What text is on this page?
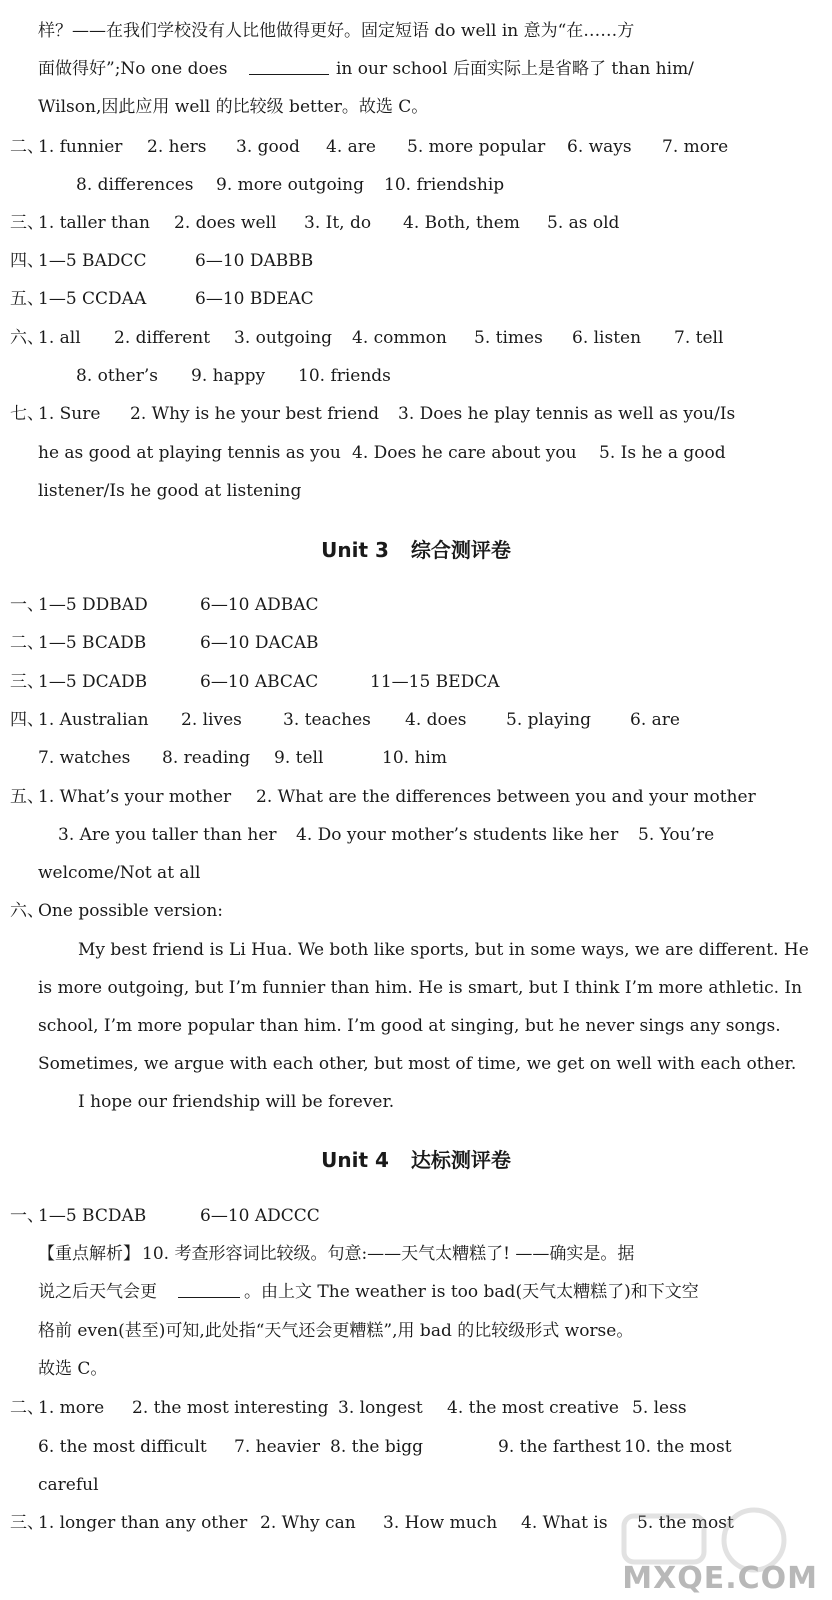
样？——在我们学校没有人比他做得更好。固定短语 do well in 意为“在……方
面做得好”;No one does	in our school 后面实际上是省略了 than him/
Wilson,因此应用 well 的比较级 better。故选 C。
二、
1. funnier 2. hers 3. good 4. are 5. more popular 6. ways 7. more
8. differences 9. more outgoing 10. friendship
三、
1. taller than 2. does well 3. It, do 4. Both, them 5. as old
四、
1—5 BADCC	6—10 DABBB
五、
1—5 CCDAA	6—10 BDEAC
六、
1. all 2. different 3. outgoing 4. common 5. times 6. listen 7. tell
8. other’s 9. happy 10. friends
七、
1. Sure 2. Why is he your best friend 3. Does he play tennis as well as you/Is
he as good at playing tennis as you 4. Does he care about you 5. Is he a good
listener/Is he good at listening
Unit 3 综合测评卷
一、
1—5 DDBAD	6—10 ADBAC
二、
1—5 BCADB	6—10 DACAB
三、
1—5 DCADB	6—10 ABCAC	11—15 BEDCA
四、
1. Australian 2. lives 3. teaches 4. does 5. playing 6. are
7. watches 8. reading 9. tell	10. him
五、
1. What’s your mother 2. What are the differences between you and your mother
3. Are you taller than her 4. Do your mother’s students like her 5. You’re
welcome/Not at all
六、
One possible version:
My best friend is Li Hua. We both like sports, but in some ways, we are different. He
is more outgoing, but I’m funnier than him. He is smart, but I think I’m more athletic. In
school, I’m more popular than him. I’m good at singing, but he never sings any songs.
Sometimes, we argue with each other, but most of time, we get on well with each other.
I hope our friendship will be forever.
Unit 4 达标测评卷
一、
1—5 BCDAB	6—10 ADCCC
【重点解析】 10. 考查形容词比较级。句意:——天气太糟糕了! ——确实是。据
说之后天气会更	。由上文 The weather is too bad(天气太糟糕了)和下文空
格前 even(甚至)可知,此处指“天气还会更糟糕”,用 bad 的比较级形式 worse。
故选 C。
二、
1. more 2. the most interesting 3. longest 4. the most creative 5. less
6. the most difficult 7. heavier 8. the bigg	9. the farthest 10. the most
careful
三、
1. longer than any other 2. Why can 3. How much 4. What is 5. the most
MXQE.COM
